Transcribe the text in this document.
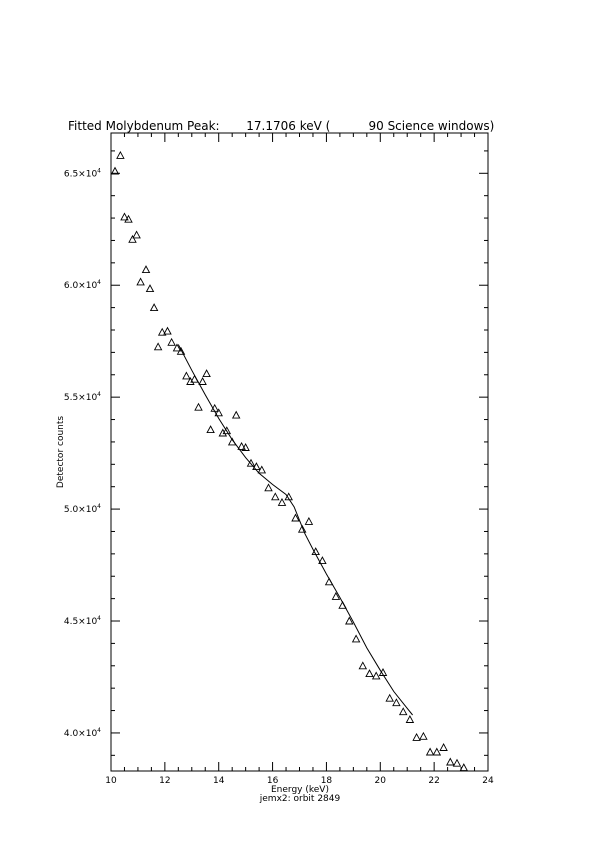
Fitted Molybdenum Peak:       17.1706 keV (          90 Science windows)
10	12	14	16	18	20	22	24
$4.0\times 10^4$
$4.5\times 10^4$
$5.0\times 10^4$
$5.5\times 10^4$
$6.0\times 10^4$
$6.5\times 10^4$
Energy (keV)
jemx2: orbit 2849
Detector counts
